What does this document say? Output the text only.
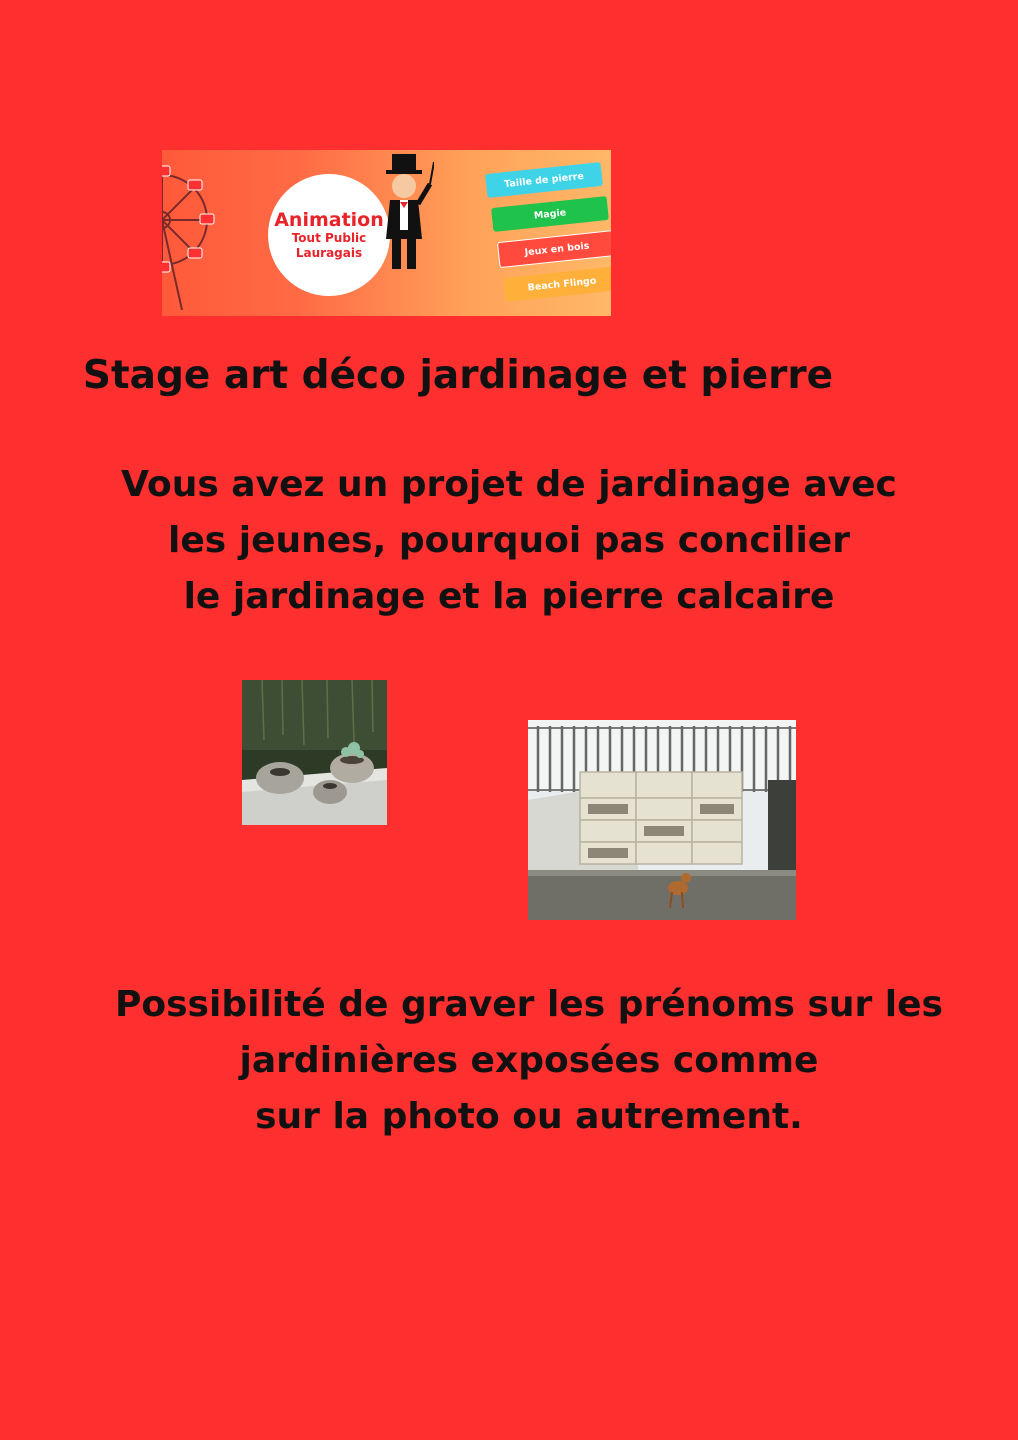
Animation
Tout Public
Lauragais
Taille de pierre
Magie
Jeux en bois
Beach Flingo
Stage art déco jardinage et pierre
Vous avez un projet de jardinage avec
les jeunes, pourquoi pas concilier
le jardinage et la pierre calcaire
Possibilité de graver les prénoms sur les
jardinières exposées comme
sur la photo ou autrement.
